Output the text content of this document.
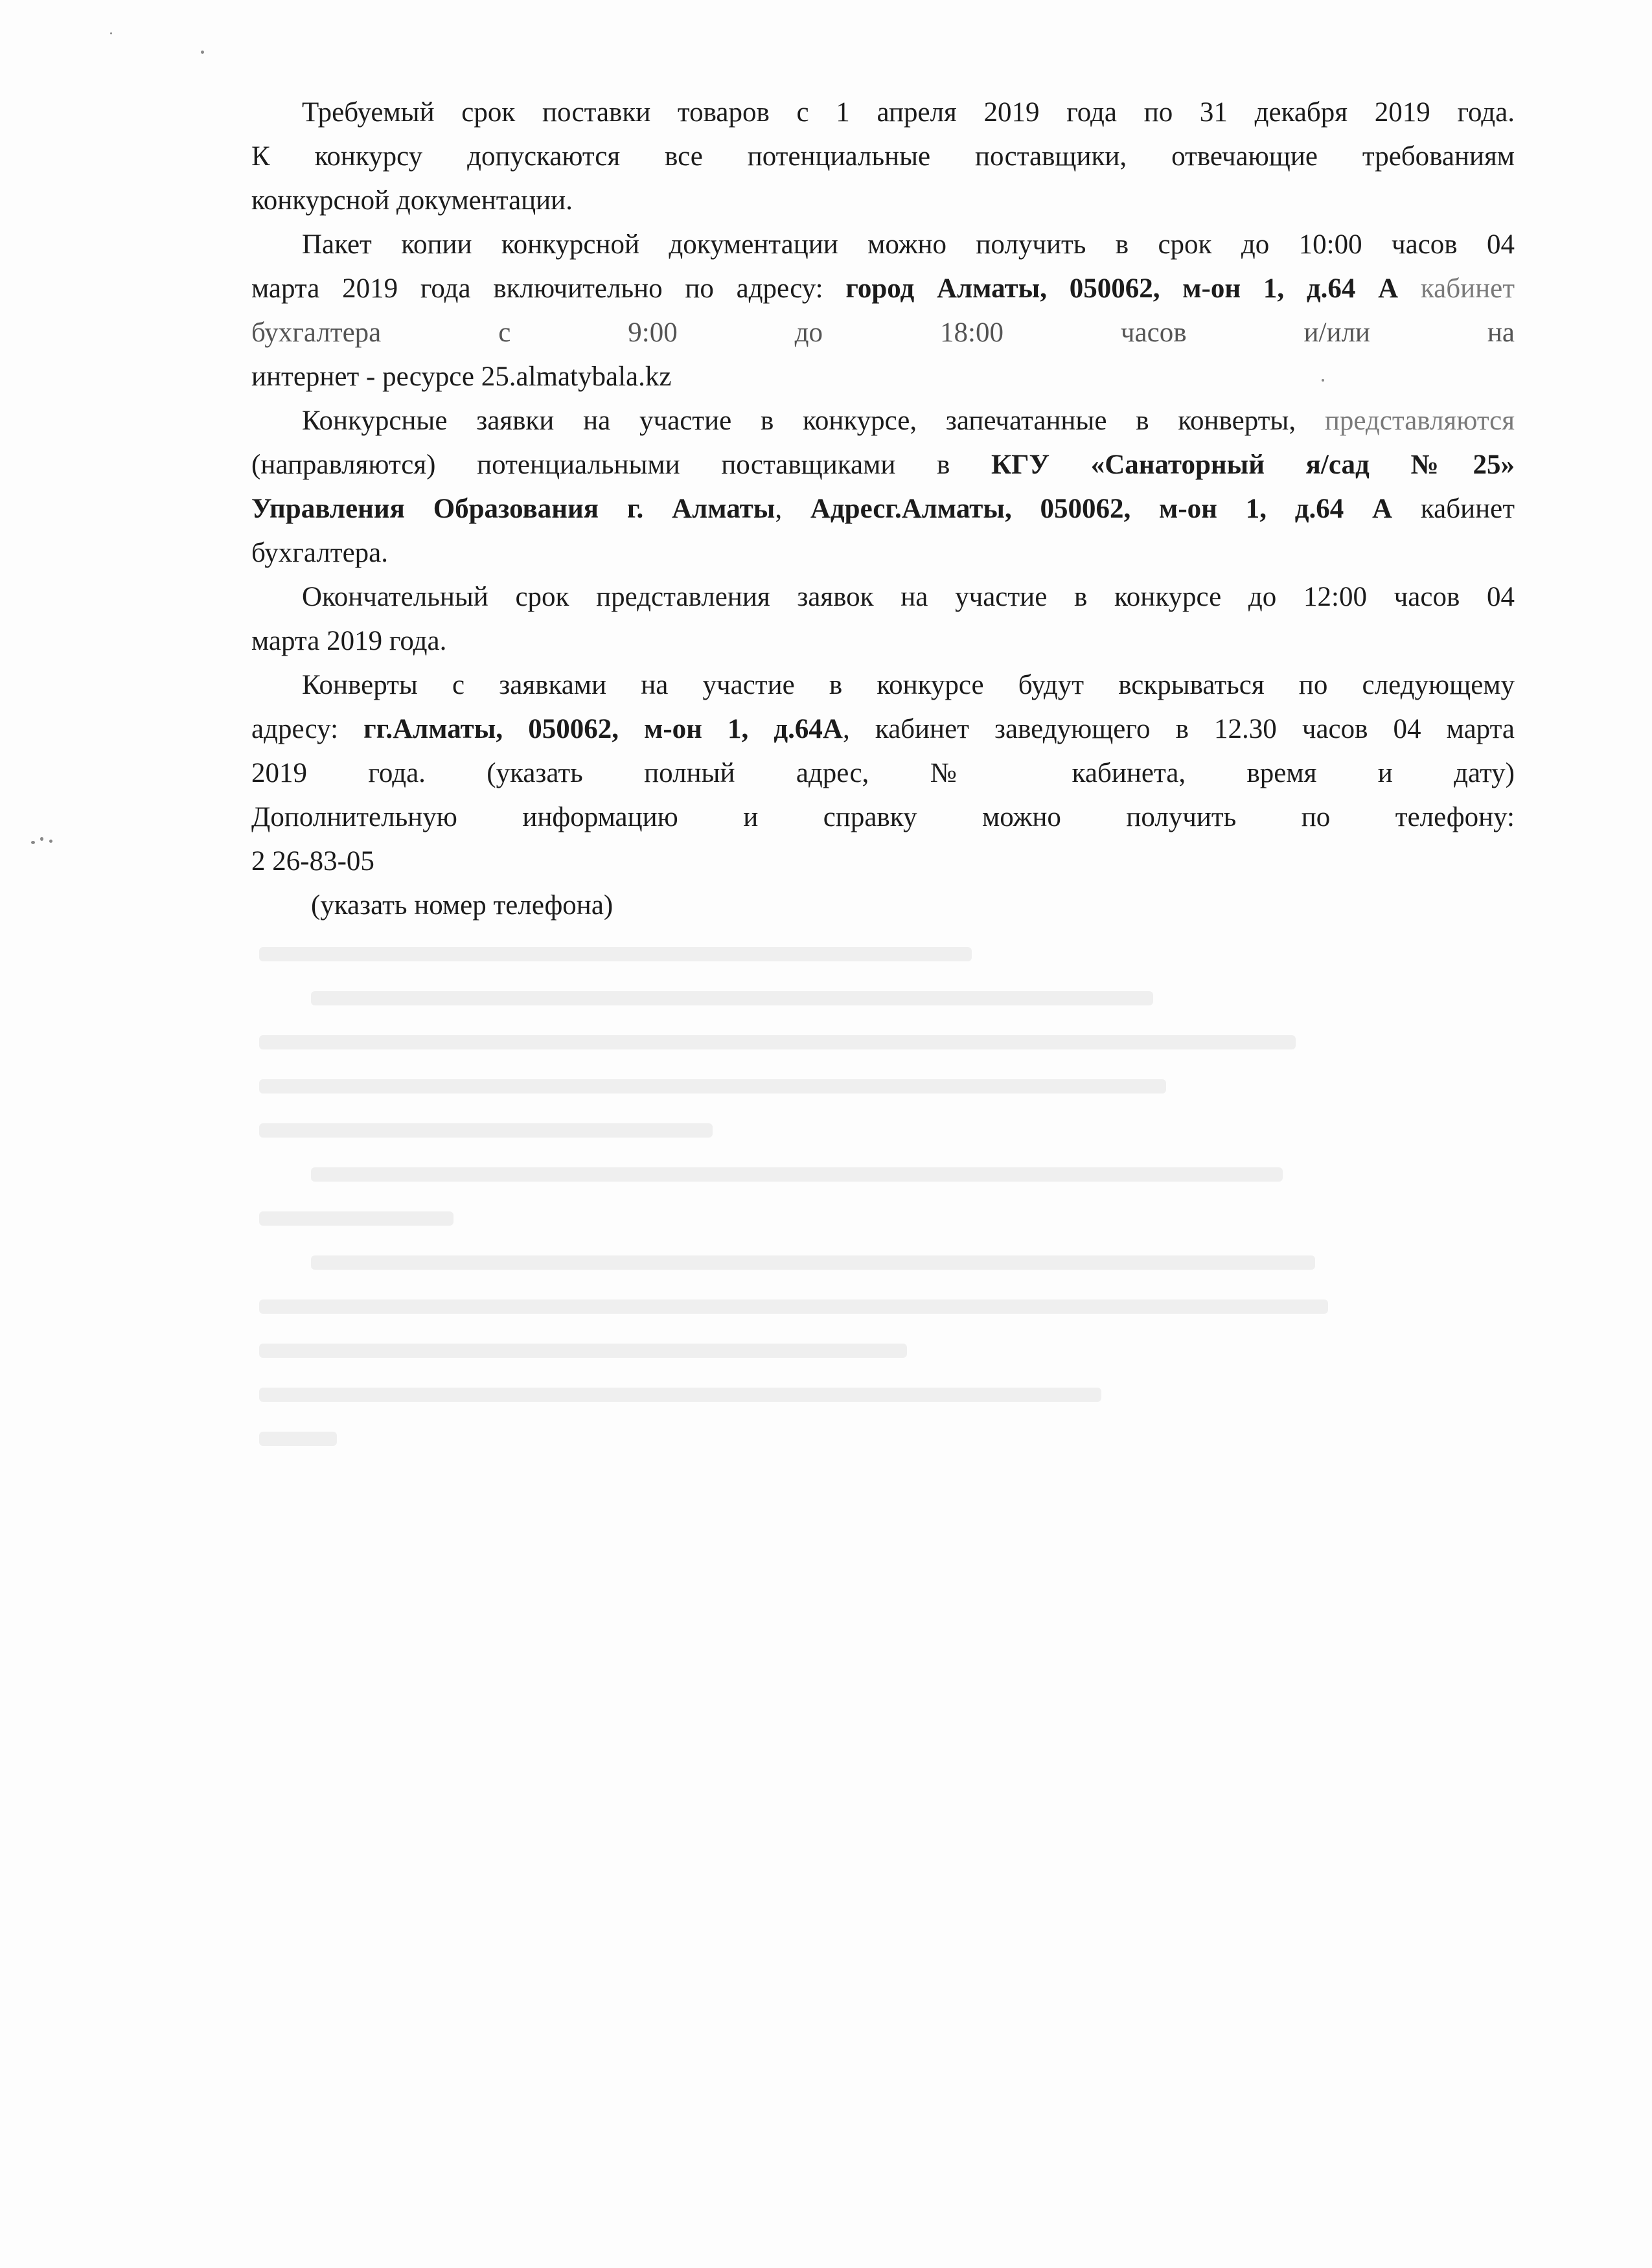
Требуемый срок поставки товаров с 1 апреля 2019 года по 31 декабря 2019 года.
К конкурсу допускаются все потенциальные поставщики, отвечающие требованиям
конкурсной документации.
Пакет копии конкурсной документации можно получить в срок до 10:00 часов 04
марта 2019 года включительно по адресу: город Алматы, 050062, м-он 1, д.64 А кабинет
бухгалтера с 9:00 до 18:00 часов и/или на
интернет - ресурсе 25.almatybala.kz
Конкурсные заявки на участие в конкурсе, запечатанные в конверты, представляются
(направляются) потенциальными поставщиками в КГУ «Санаторный я/сад №25»
Управления Образования г. Алматы, Адресг.Алматы, 050062, м-он 1, д.64 А кабинет
бухгалтера.
Окончательный срок представления заявок на участие в конкурсе до 12:00 часов 04
марта 2019 года.
Конверты с заявками на участие в конкурсе будут вскрываться по следующему
адресу: гг.Алматы, 050062, м-он 1, д.64А, кабинет заведующего в 12.30 часов 04 марта
2019 года. (указать полный адрес, № кабинета, время и дату)
Дополнительную информацию и справку можно получить по телефону:
2 26-83-05
(указать номер телефона)
